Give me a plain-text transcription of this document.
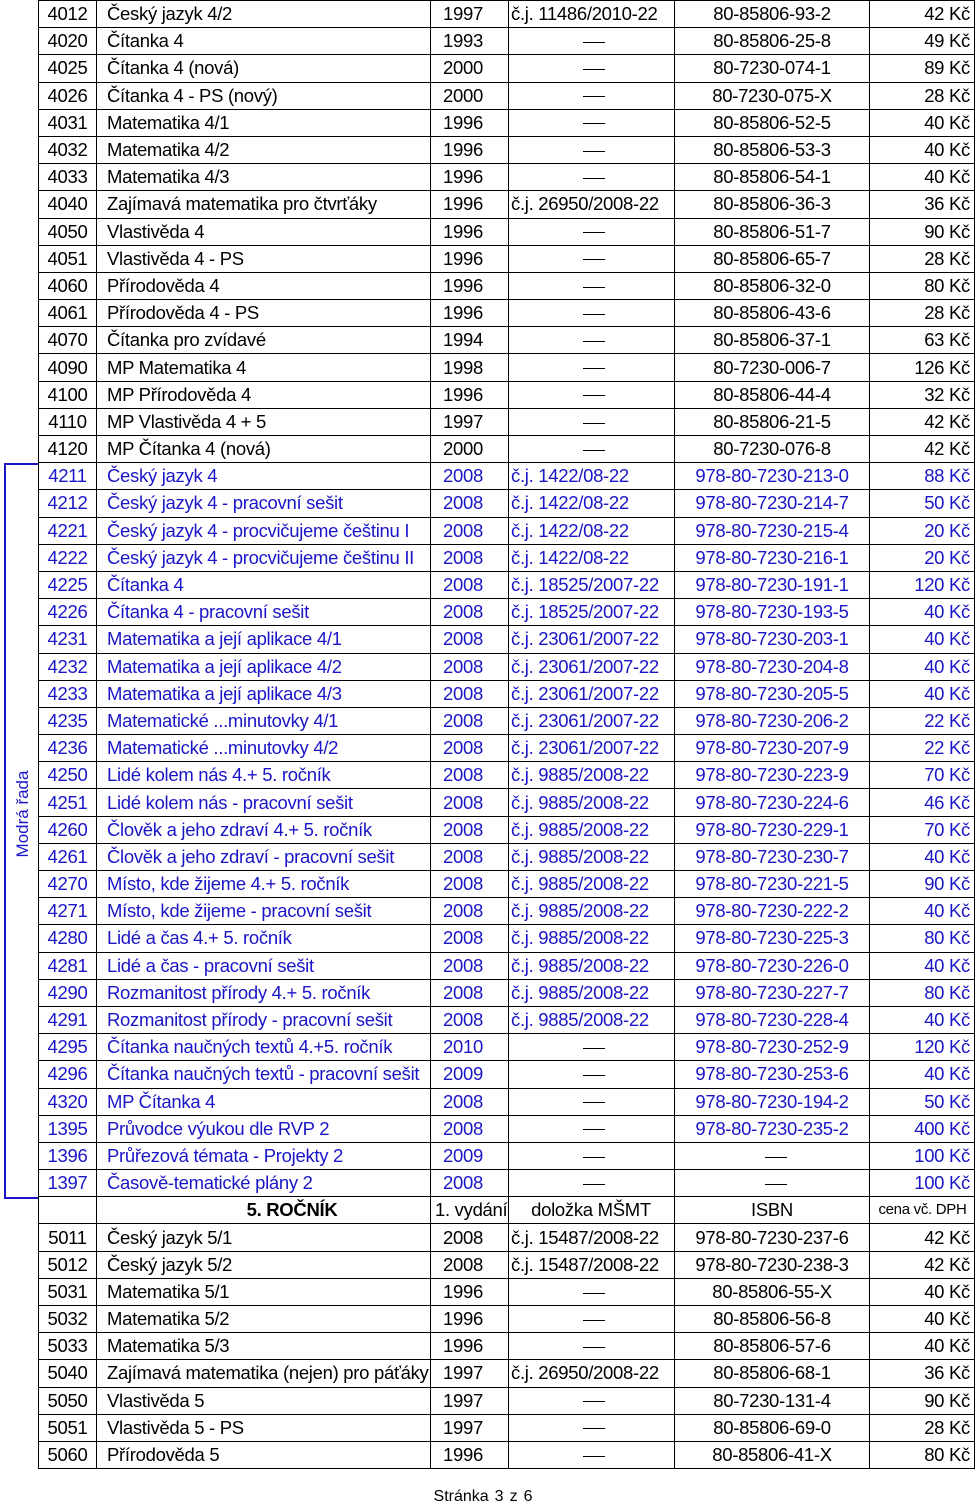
Modrá řada
4012	Český jazyk 4/2	1997	č.j. 11486/2010-22	80-85806-93-2	42 Kč
4020	Čítanka 4	1993		80-85806-25-8	49 Kč
4025	Čítanka 4 (nová)	2000		80-7230-074-1	89 Kč
4026	Čítanka 4 - PS (nový)	2000		80-7230-075-X	28 Kč
4031	Matematika 4/1	1996		80-85806-52-5	40 Kč
4032	Matematika 4/2	1996		80-85806-53-3	40 Kč
4033	Matematika 4/3	1996		80-85806-54-1	40 Kč
4040	Zajímavá matematika pro čtvrťáky	1996	č.j. 26950/2008-22	80-85806-36-3	36 Kč
4050	Vlastivěda 4	1996		80-85806-51-7	90 Kč
4051	Vlastivěda 4 - PS	1996		80-85806-65-7	28 Kč
4060	Přírodověda 4	1996		80-85806-32-0	80 Kč
4061	Přírodověda 4 - PS	1996		80-85806-43-6	28 Kč
4070	Čítanka pro zvídavé	1994		80-85806-37-1	63 Kč
4090	MP Matematika 4	1998		80-7230-006-7	126 Kč
4100	MP Přírodověda 4	1996		80-85806-44-4	32 Kč
4110	MP Vlastivěda 4 + 5	1997		80-85806-21-5	42 Kč
4120	MP Čítanka 4 (nová)	2000		80-7230-076-8	42 Kč
4211	Český jazyk 4	2008	č.j. 1422/08-22	978-80-7230-213-0	88 Kč
4212	Český jazyk 4 - pracovní sešit	2008	č.j. 1422/08-22	978-80-7230-214-7	50 Kč
4221	Český jazyk 4 - procvičujeme češtinu I	2008	č.j. 1422/08-22	978-80-7230-215-4	20 Kč
4222	Český jazyk 4 - procvičujeme češtinu II	2008	č.j. 1422/08-22	978-80-7230-216-1	20 Kč
4225	Čítanka 4	2008	č.j. 18525/2007-22	978-80-7230-191-1	120 Kč
4226	Čítanka 4 - pracovní sešit	2008	č.j. 18525/2007-22	978-80-7230-193-5	40 Kč
4231	Matematika a její aplikace 4/1	2008	č.j. 23061/2007-22	978-80-7230-203-1	40 Kč
4232	Matematika a její aplikace 4/2	2008	č.j. 23061/2007-22	978-80-7230-204-8	40 Kč
4233	Matematika a její aplikace 4/3	2008	č.j. 23061/2007-22	978-80-7230-205-5	40 Kč
4235	Matematické ...minutovky 4/1	2008	č.j. 23061/2007-22	978-80-7230-206-2	22 Kč
4236	Matematické ...minutovky 4/2	2008	č.j. 23061/2007-22	978-80-7230-207-9	22 Kč
4250	Lidé kolem nás 4.+ 5. ročník	2008	č.j. 9885/2008-22	978-80-7230-223-9	70 Kč
4251	Lidé kolem nás - pracovní sešit	2008	č.j. 9885/2008-22	978-80-7230-224-6	46 Kč
4260	Člověk a jeho zdraví 4.+ 5. ročník	2008	č.j. 9885/2008-22	978-80-7230-229-1	70 Kč
4261	Člověk a jeho zdraví - pracovní sešit	2008	č.j. 9885/2008-22	978-80-7230-230-7	40 Kč
4270	Místo, kde žijeme 4.+ 5. ročník	2008	č.j. 9885/2008-22	978-80-7230-221-5	90 Kč
4271	Místo, kde žijeme - pracovní sešit	2008	č.j. 9885/2008-22	978-80-7230-222-2	40 Kč
4280	Lidé a čas 4.+ 5. ročník	2008	č.j. 9885/2008-22	978-80-7230-225-3	80 Kč
4281	Lidé a čas - pracovní sešit	2008	č.j. 9885/2008-22	978-80-7230-226-0	40 Kč
4290	Rozmanitost přírody 4.+ 5. ročník	2008	č.j. 9885/2008-22	978-80-7230-227-7	80 Kč
4291	Rozmanitost přírody - pracovní sešit	2008	č.j. 9885/2008-22	978-80-7230-228-4	40 Kč
4295	Čítanka naučných textů 4.+5. ročník	2010		978-80-7230-252-9	120 Kč
4296	Čítanka naučných textů - pracovní sešit	2009		978-80-7230-253-6	40 Kč
4320	MP Čítanka 4	2008		978-80-7230-194-2	50 Kč
1395	Průvodce výukou dle RVP 2	2008		978-80-7230-235-2	400 Kč
1396	Průřezová témata - Projekty 2	2009			100 Kč
1397	Časově-tematické plány 2	2008			100 Kč
	5. ROČNÍK	1. vydání	doložka MŠMT	ISBN	cena vč. DPH
5011	Český jazyk 5/1	2008	č.j. 15487/2008-22	978-80-7230-237-6	42 Kč
5012	Český jazyk 5/2	2008	č.j. 15487/2008-22	978-80-7230-238-3	42 Kč
5031	Matematika 5/1	1996		80-85806-55-X	40 Kč
5032	Matematika 5/2	1996		80-85806-56-8	40 Kč
5033	Matematika 5/3	1996		80-85806-57-6	40 Kč
5040	Zajímavá matematika (nejen) pro páťáky	1997	č.j. 26950/2008-22	80-85806-68-1	36 Kč
5050	Vlastivěda 5	1997		80-7230-131-4	90 Kč
5051	Vlastivěda 5 - PS	1997		80-85806-69-0	28 Kč
5060	Přírodověda 5	1996		80-85806-41-X	80 Kč
Stránka 3 z 6
